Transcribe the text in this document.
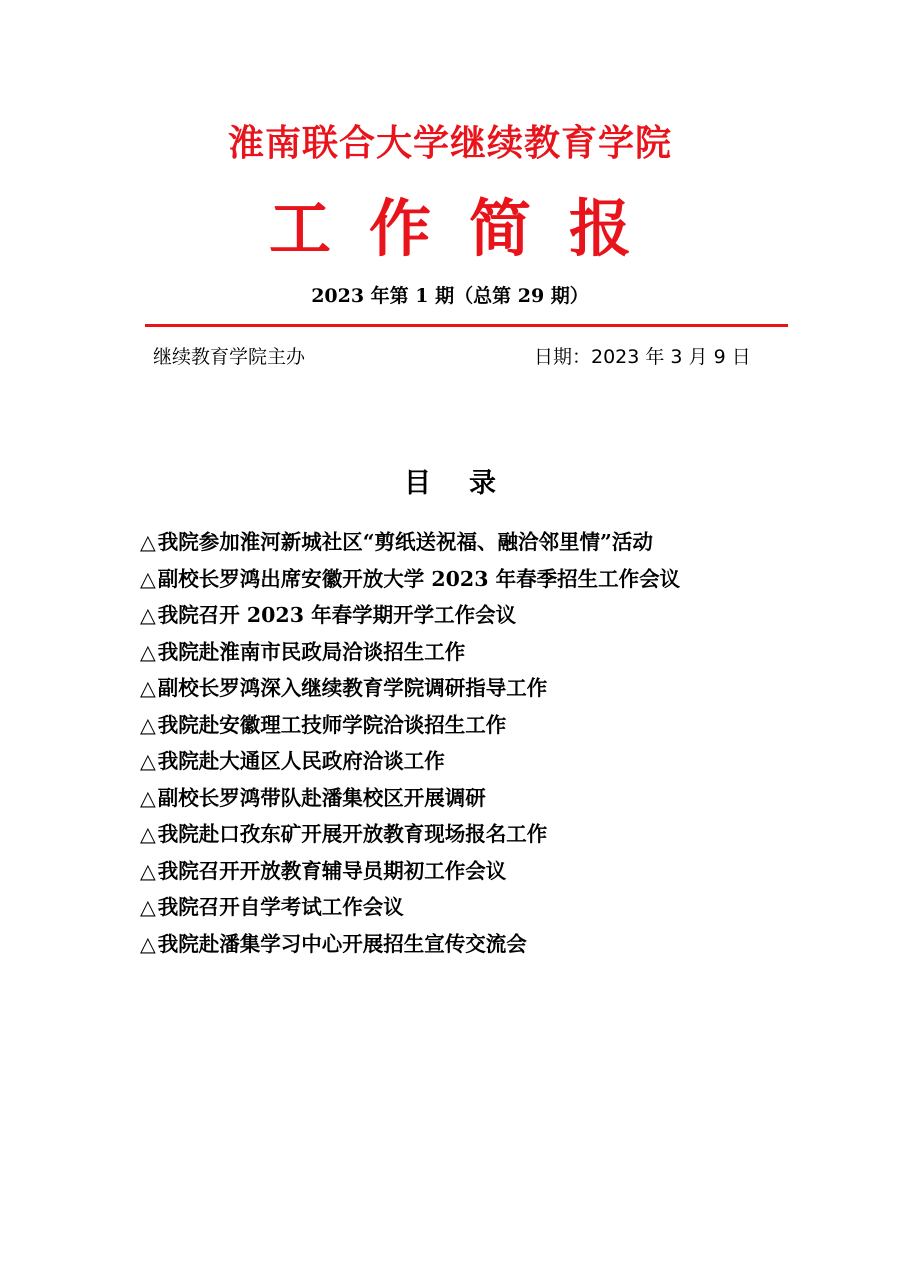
淮南联合大学继续教育学院
工作简报
2023 年第 1 期（总第 29 期）
继续教育学院主办	日期：2023 年 3 月 9 日
目录
△我院参加淮河新城社区“剪纸送祝福、融洽邻里情”活动
△副校长罗鸿出席安徽开放大学 2023 年春季招生工作会议
△我院召开 2023 年春学期开学工作会议
△我院赴淮南市民政局洽谈招生工作
△副校长罗鸿深入继续教育学院调研指导工作
△我院赴安徽理工技师学院洽谈招生工作
△我院赴大通区人民政府洽谈工作
△副校长罗鸿带队赴潘集校区开展调研
△我院赴口孜东矿开展开放教育现场报名工作
△我院召开开放教育辅导员期初工作会议
△我院召开自学考试工作会议
△我院赴潘集学习中心开展招生宣传交流会
